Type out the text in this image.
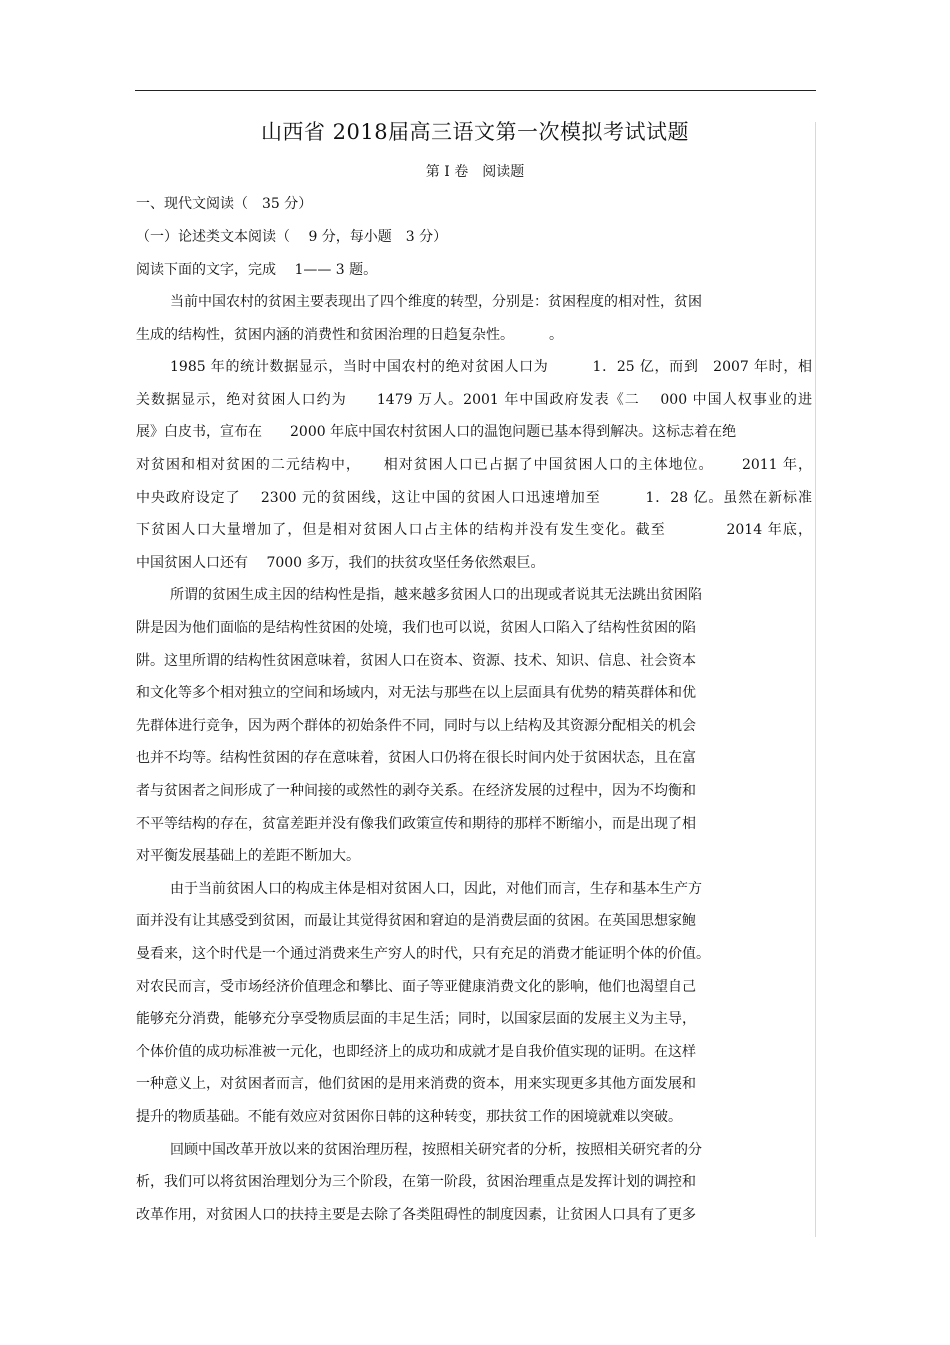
山西省 2018届高三语文第一次模拟考试试题
第 I 卷　阅读题
一、现代文阅读（　35 分）
（一）论述类文本阅读（　 9 分，每小题　3 分）
阅读下面的文字，完成　 1—— 3 题。
当前中国农村的贫困主要表现出了四个维度的转型，分别是：贫困程度的相对性，贫困
生成的结构性，贫困内涵的消费性和贫困治理的日趋复杂性。　　　。
1985 年的统计数据显示，当时中国农村的绝对贫困人口为　　　1．25 亿，而到　2007 年时，相
关数据显示，绝对贫困人口约为　　1479 万人。2001 年中国政府发表《二　 000 中国人权事业的进
展》白皮书，宣布在　　2000 年底中国农村贫困人口的温饱问题已基本得到解决。这标志着在绝
对贫困和相对贫困的二元结构中，　　相对贫困人口已占据了中国贫困人口的主体地位。　　 2011 年，
中央政府设定了　 2300 元的贫困线，这让中国的贫困人口迅速增加至　　　1．28 亿。虽然在新标准
下贫困人口大量增加了，但是相对贫困人口占主体的结构并没有发生变化。截至　　　　2014 年底，
中国贫困人口还有　 7000 多万，我们的扶贫攻坚任务依然艰巨。
所谓的贫困生成主因的结构性是指，越来越多贫困人口的出现或者说其无法跳出贫困陷
阱是因为他们面临的是结构性贫困的处境，我们也可以说，贫困人口陷入了结构性贫困的陷
阱。这里所谓的结构性贫困意味着，贫困人口在资本、资源、技术、知识、信息、社会资本
和文化等多个相对独立的空间和场域内，对无法与那些在以上层面具有优势的精英群体和优
先群体进行竞争，因为两个群体的初始条件不同，同时与以上结构及其资源分配相关的机会
也并不均等。结构性贫困的存在意味着，贫困人口仍将在很长时间内处于贫困状态，且在富
者与贫困者之间形成了一种间接的或然性的剥夺关系。在经济发展的过程中，因为不均衡和
不平等结构的存在，贫富差距并没有像我们政策宣传和期待的那样不断缩小，而是出现了相
对平衡发展基础上的差距不断加大。
由于当前贫困人口的构成主体是相对贫困人口，因此，对他们而言，生存和基本生产方
面并没有让其感受到贫困，而最让其觉得贫困和窘迫的是消费层面的贫困。在英国思想家鲍
曼看来，这个时代是一个通过消费来生产穷人的时代，只有充足的消费才能证明个体的价值。
对农民而言，受市场经济价值理念和攀比、面子等亚健康消费文化的影响，他们也渴望自己
能够充分消费，能够充分享受物质层面的丰足生活；同时，以国家层面的发展主义为主导，
个体价值的成功标准被一元化，也即经济上的成功和成就才是自我价值实现的证明。在这样
一种意义上，对贫困者而言，他们贫困的是用来消费的资本，用来实现更多其他方面发展和
提升的物质基础。不能有效应对贫困你日韩的这种转变，那扶贫工作的困境就难以突破。
回顾中国改革开放以来的贫困治理历程，按照相关研究者的分析，按照相关研究者的分
析，我们可以将贫困治理划分为三个阶段，在第一阶段，贫困治理重点是发挥计划的调控和
改革作用，对贫困人口的扶持主要是去除了各类阻碍性的制度因素，让贫困人口具有了更多
